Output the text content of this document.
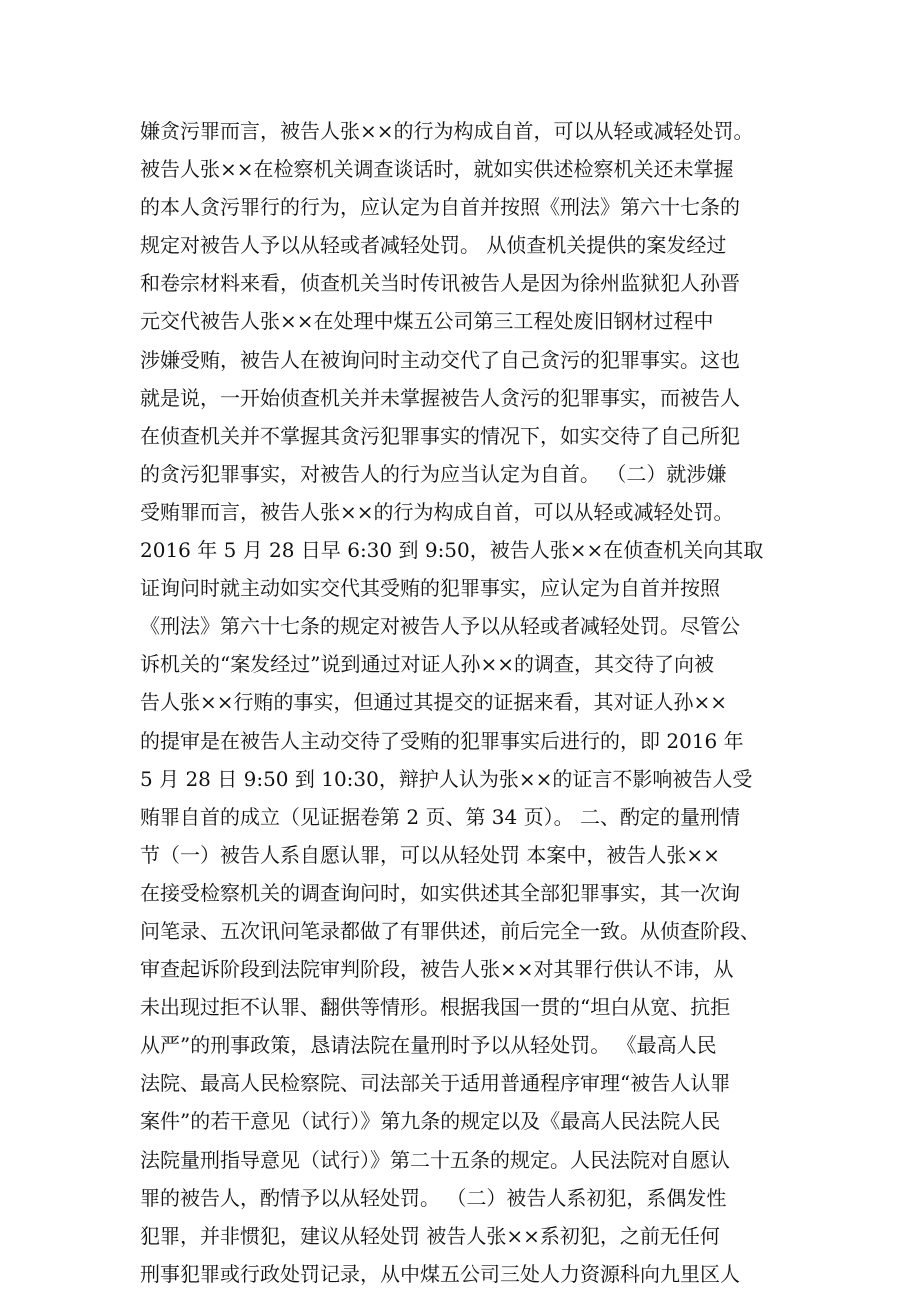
嫌贪污罪而言，被告人张××的行为构成自首，可以从轻或减轻处罚。
被告人张××在检察机关调查谈话时，就如实供述检察机关还未掌握
的本人贪污罪行的行为，应认定为自首并按照《刑法》第六十七条的
规定对被告人予以从轻或者减轻处罚。 从侦查机关提供的案发经过
和卷宗材料来看，侦查机关当时传讯被告人是因为徐州监狱犯人孙晋
元交代被告人张××在处理中煤五公司第三工程处废旧钢材过程中
涉嫌受贿，被告人在被询问时主动交代了自己贪污的犯罪事实。这也
就是说，一开始侦查机关并未掌握被告人贪污的犯罪事实，而被告人
在侦查机关并不掌握其贪污犯罪事实的情况下，如实交待了自己所犯
的贪污犯罪事实，对被告人的行为应当认定为自首。 （二）就涉嫌
受贿罪而言，被告人张××的行为构成自首，可以从轻或减轻处罚。
2016 年 5 月 28 日早 6:30 到 9:50，被告人张××在侦查机关向其取
证询问时就主动如实交代其受贿的犯罪事实，应认定为自首并按照
《刑法》第六十七条的规定对被告人予以从轻或者减轻处罚。尽管公
诉机关的“案发经过”说到通过对证人孙××的调查，其交待了向被
告人张××行贿的事实，但通过其提交的证据来看，其对证人孙××
的提审是在被告人主动交待了受贿的犯罪事实后进行的，即 2016 年
5 月 28 日 9:50 到 10:30，辩护人认为张××的证言不影响被告人受
贿罪自首的成立（见证据卷第 2 页、第 34 页）。 二、酌定的量刑情
节（一）被告人系自愿认罪，可以从轻处罚 本案中，被告人张××
在接受检察机关的调查询问时，如实供述其全部犯罪事实，其一次询
问笔录、五次讯问笔录都做了有罪供述，前后完全一致。从侦查阶段、
审查起诉阶段到法院审判阶段，被告人张××对其罪行供认不讳，从
未出现过拒不认罪、翻供等情形。根据我国一贯的“坦白从宽、抗拒
从严”的刑事政策，恳请法院在量刑时予以从轻处罚。 《最高人民
法院、最高人民检察院、司法部关于适用普通程序审理“被告人认罪
案件”的若干意见（试行）》第九条的规定以及《最高人民法院人民
法院量刑指导意见（试行）》第二十五条的规定。人民法院对自愿认
罪的被告人，酌情予以从轻处罚。 （二）被告人系初犯，系偶发性
犯罪，并非惯犯，建议从轻处罚 被告人张××系初犯，之前无任何
刑事犯罪或行政处罚记录，从中煤五公司三处人力资源科向九里区人
